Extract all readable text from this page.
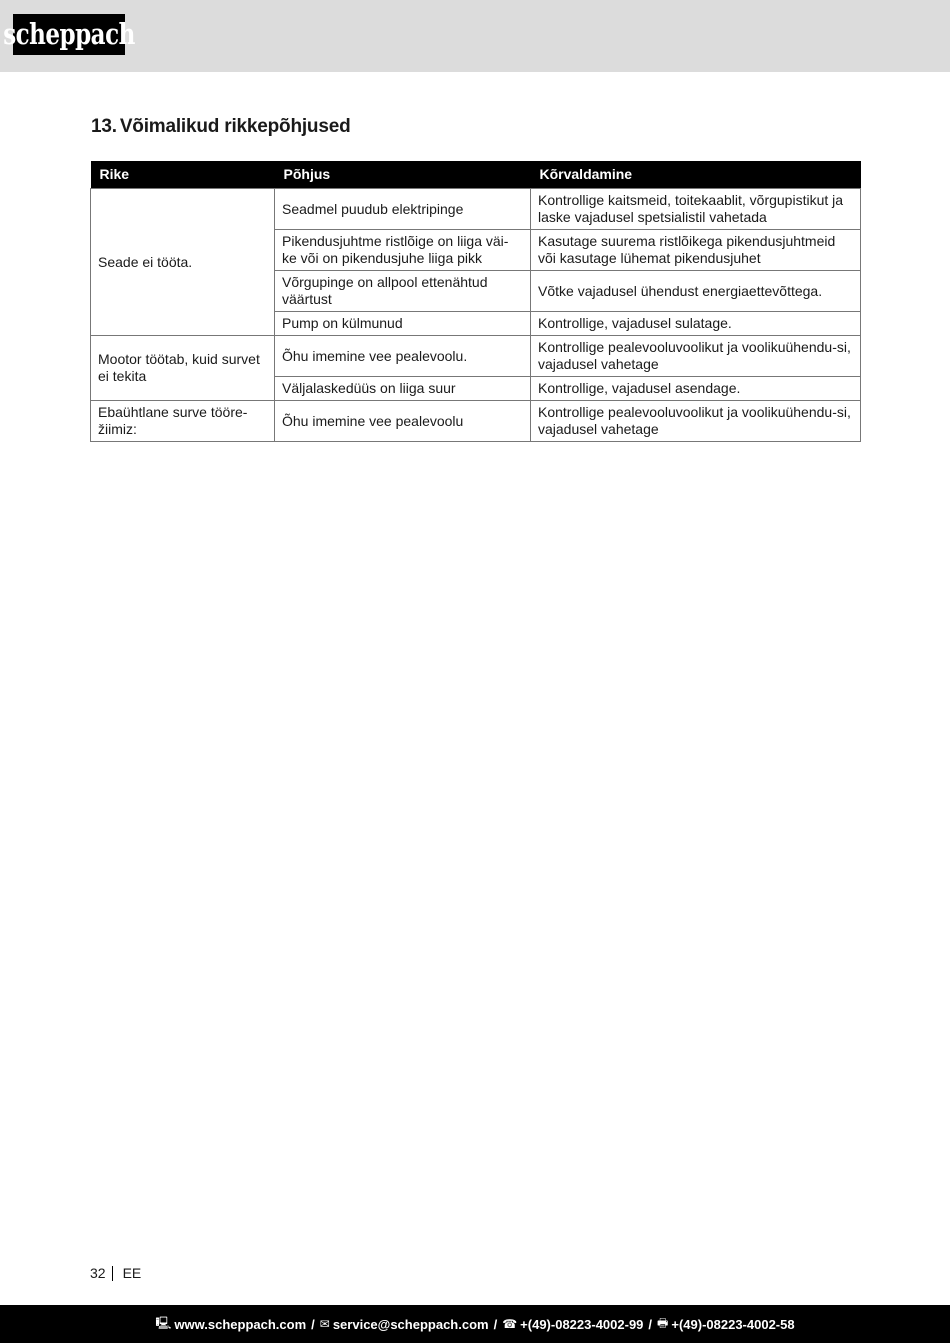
scheppach
13. Võimalikud rikkepõhjused
Rike	Põhjus	Kõrvaldamine
Seade ei tööta.	Seadmel puudub elektripinge	Kontrollige kaitsmeid, toitekaablit, võrgupistikut ja laske vajadusel spetsialistil vahetada
	Pikendusjuhtme ristlõige on liiga väi-ke või on pikendusjuhe liiga pikk	Kasutage suurema ristlõikega pikendusjuhtmeid või kasutage lühemat pikendusjuhet
	Võrgupinge on allpool ettenähtud väärtust	Võtke vajadusel ühendust energiaettevõttega.
	Pump on külmunud	Kontrollige, vajadusel sulatage.
Mootor töötab, kuid survet ei tekita	Õhu imemine vee pealevoolu.	Kontrollige pealevooluvoolikut ja voolikuühendu-si, vajadusel vahetage
	Väljalaskedüüs on liiga suur	Kontrollige, vajadusel asendage.
Ebaühtlane surve tööre-žiimiz:	Õhu imemine vee pealevoolu	Kontrollige pealevooluvoolikut ja voolikuühendu-si, vajadusel vahetage
32 EE
🖳 www.scheppach.com / ✉ service@scheppach.com / ☎ +(49)-08223-4002-99 / 🖶 +(49)-08223-4002-58
